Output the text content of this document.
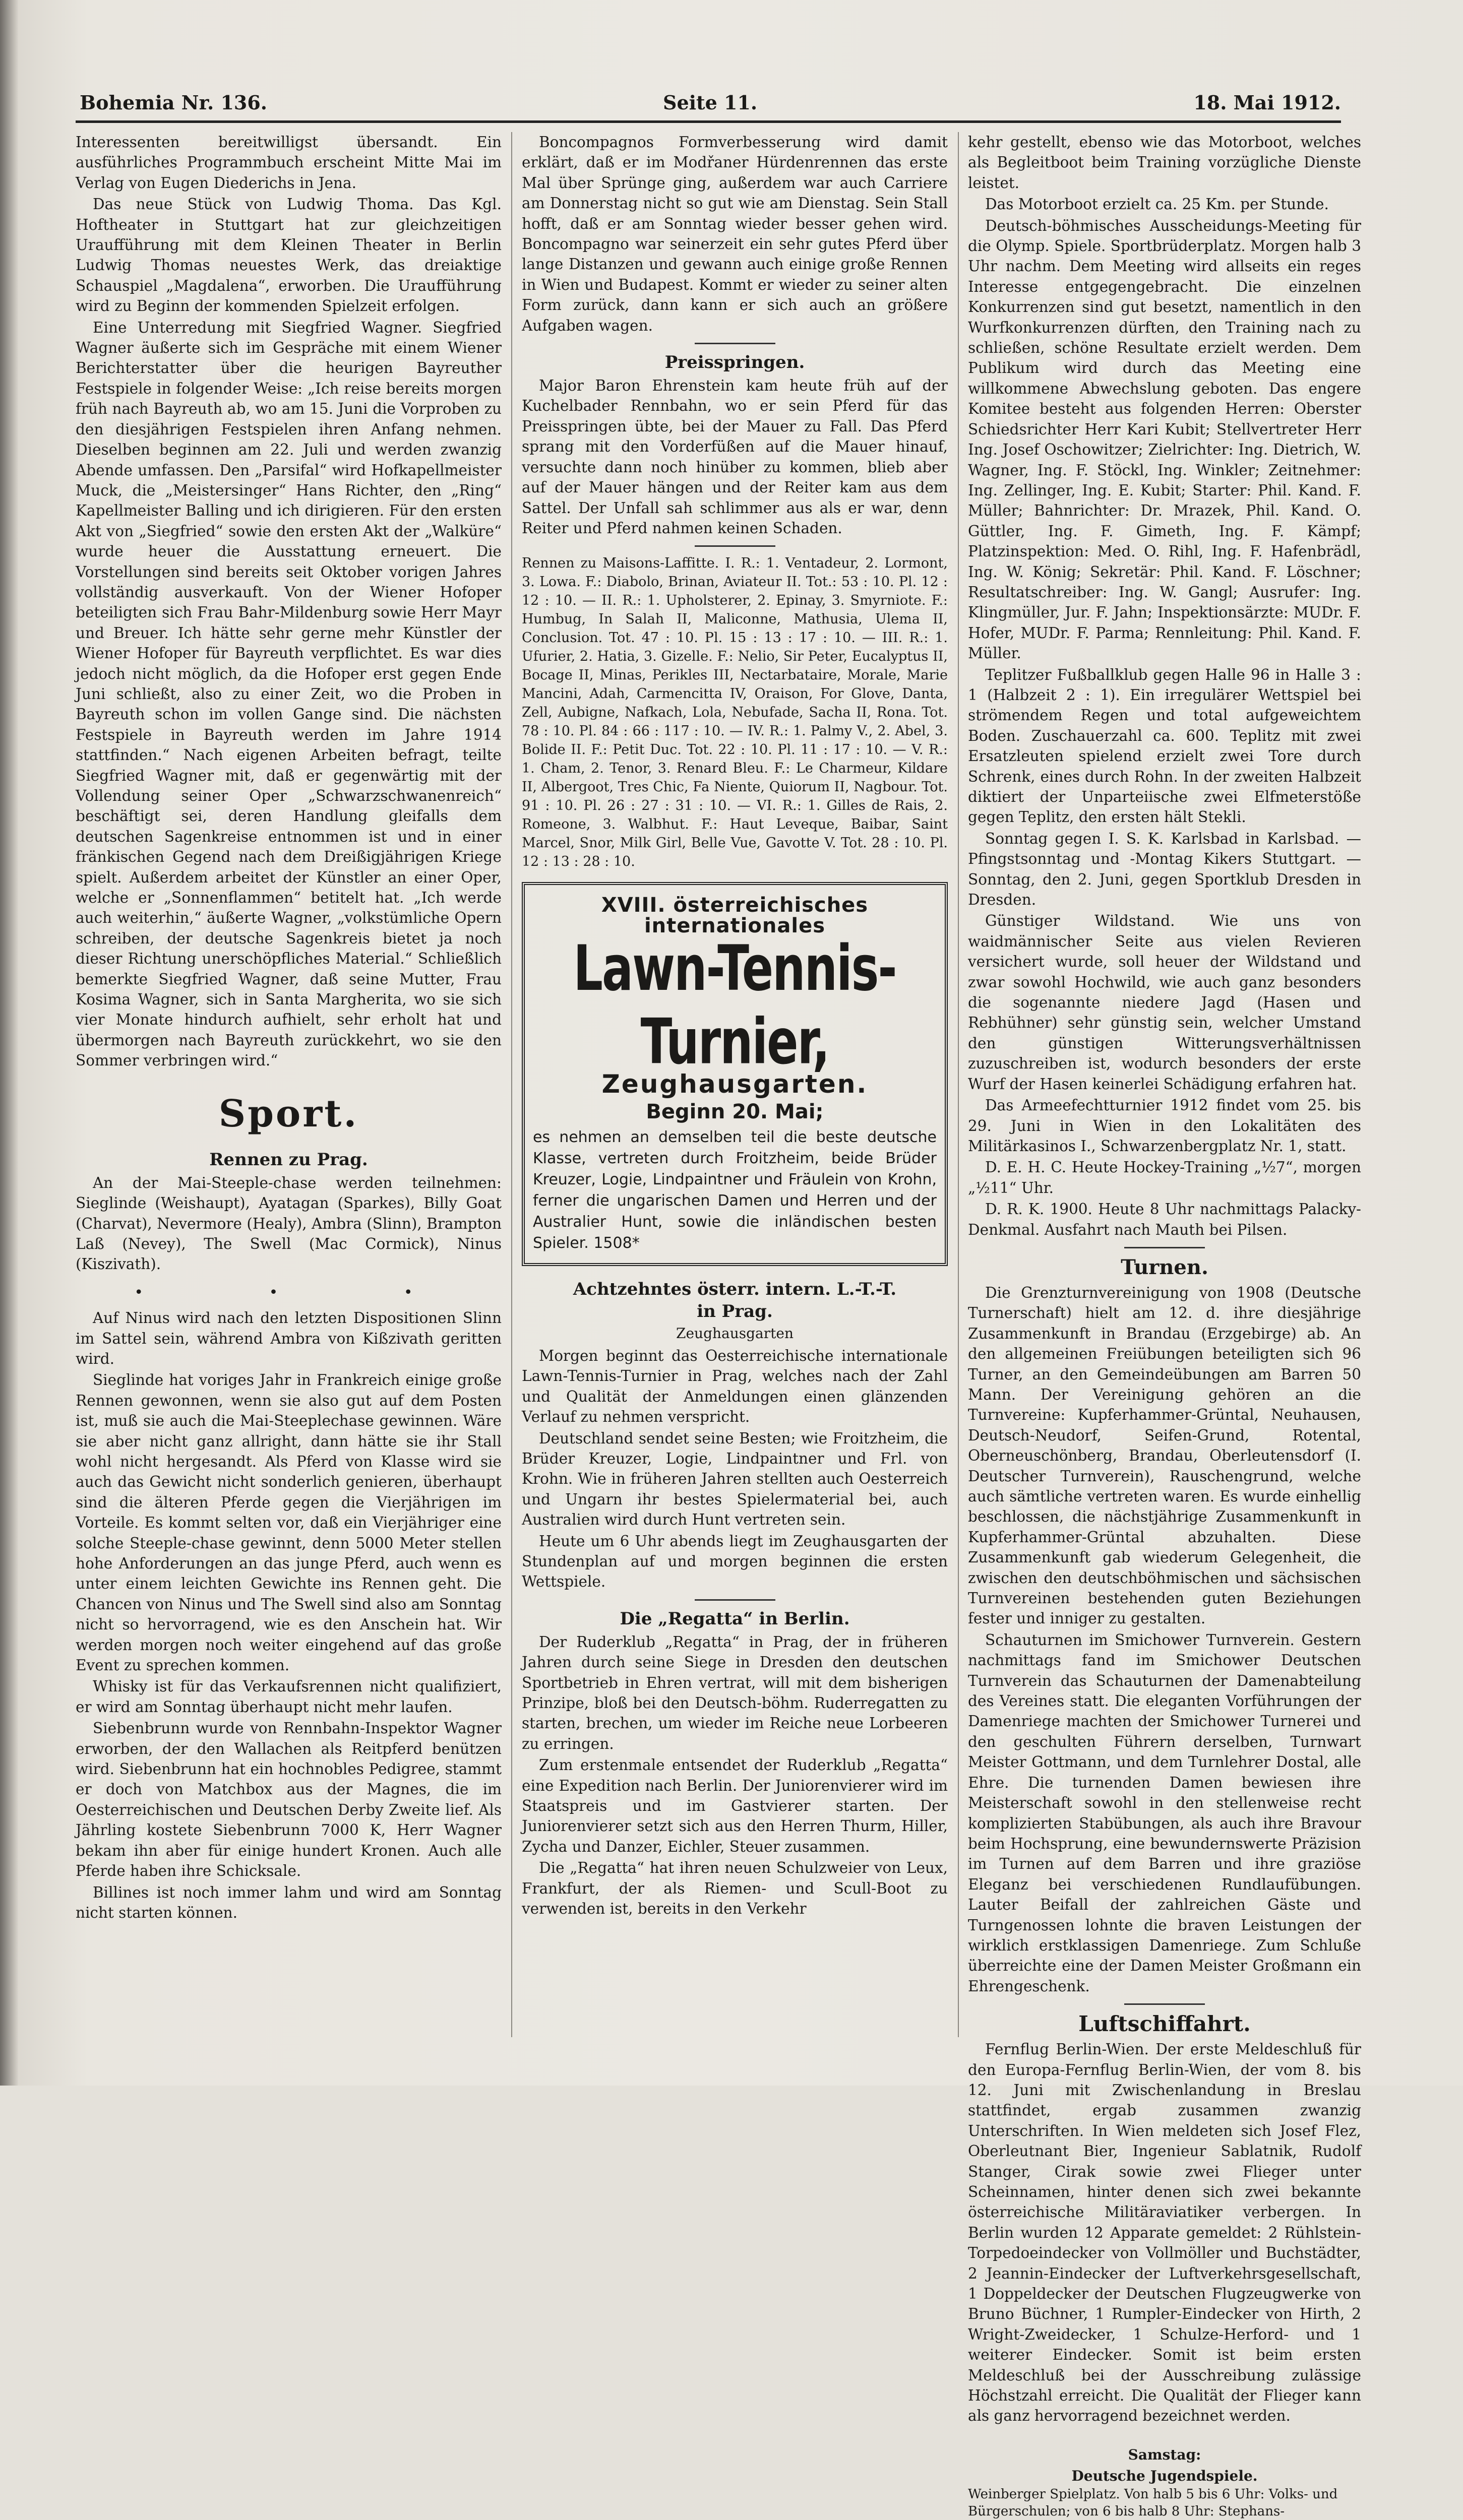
Bohemia Nr. 136.	Seite 11.	18. Mai 1912.

Interessenten bereitwilligst übersandt. Ein ausführliches Programmbuch erscheint Mitte Mai im Verlag von Eugen Diederichs in Jena.

Das neue Stück von Ludwig Thoma. Das Kgl. Hoftheater in Stuttgart hat zur gleichzeitigen Uraufführung mit dem Kleinen Theater in Berlin Ludwig Thomas neuestes Werk, das dreiaktige Schauspiel „Magdalena“, erworben. Die Uraufführung wird zu Beginn der kommenden Spielzeit erfolgen.

Eine Unterredung mit Siegfried Wagner. Siegfried Wagner äußerte sich im Gespräche mit einem Wiener Berichterstatter über die heurigen Bayreuther Festspiele in folgender Weise: „Ich reise bereits morgen früh nach Bayreuth ab, wo am 15. Juni die Vorproben zu den diesjährigen Festspielen ihren Anfang nehmen. Dieselben beginnen am 22. Juli und werden zwanzig Abende umfassen. Den „Parsifal“ wird Hofkapellmeister Muck, die „Meistersinger“ Hans Richter, den „Ring“ Kapellmeister Balling und ich dirigieren. Für den ersten Akt von „Siegfried“ sowie den ersten Akt der „Walküre“ wurde heuer die Ausstattung erneuert. Die Vorstellungen sind bereits seit Oktober vorigen Jahres vollständig ausverkauft. Von der Wiener Hofoper beteiligten sich Frau Bahr-Mildenburg sowie Herr Mayr und Breuer. Ich hätte sehr gerne mehr Künstler der Wiener Hofoper für Bayreuth verpflichtet. Es war dies jedoch nicht möglich, da die Hofoper erst gegen Ende Juni schließt, also zu einer Zeit, wo die Proben in Bayreuth schon im vollen Gange sind. Die nächsten Festspiele in Bayreuth werden im Jahre 1914 stattfinden.“ Nach eigenen Arbeiten befragt, teilte Siegfried Wagner mit, daß er gegenwärtig mit der Vollendung seiner Oper „Schwarzschwanenreich“ beschäftigt sei, deren Handlung gleifalls dem deutschen Sagenkreise entnommen ist und in einer fränkischen Gegend nach dem Dreißigjährigen Kriege spielt. Außerdem arbeitet der Künstler an einer Oper, welche er „Sonnenflammen“ betitelt hat. „Ich werde auch weiterhin,“ äußerte Wagner, „volkstümliche Opern schreiben, der deutsche Sagenkreis bietet ja noch dieser Richtung unerschöpfliches Material.“ Schließlich bemerkte Siegfried Wagner, daß seine Mutter, Frau Kosima Wagner, sich in Santa Margherita, wo sie sich vier Monate hindurch aufhielt, sehr erholt hat und übermorgen nach Bayreuth zurückkehrt, wo sie den Sommer verbringen wird.“

Sport.
Rennen zu Prag.

An der Mai-Steeple-chase werden teilnehmen: Sieglinde (Weishaupt), Ayatagan (Sparkes), Billy Goat (Charvat), Nevermore (Healy), Ambra (Slinn), Brampton Laß (Nevey), The Swell (Mac Cormick), Ninus (Kiszivath).

• • •

Auf Ninus wird nach den letzten Dispositionen Slinn im Sattel sein, während Ambra von Kißzivath geritten wird.

Sieglinde hat voriges Jahr in Frankreich einige große Rennen gewonnen, wenn sie also gut auf dem Posten ist, muß sie auch die Mai-Steeplechase gewinnen. Wäre sie aber nicht ganz allright, dann hätte sie ihr Stall wohl nicht hergesandt. Als Pferd von Klasse wird sie auch das Gewicht nicht sonderlich genieren, überhaupt sind die älteren Pferde gegen die Vierjährigen im Vorteile. Es kommt selten vor, daß ein Vierjähriger eine solche Steeple-chase gewinnt, denn 5000 Meter stellen hohe Anforderungen an das junge Pferd, auch wenn es unter einem leichten Gewichte ins Rennen geht. Die Chancen von Ninus und The Swell sind also am Sonntag nicht so hervorragend, wie es den Anschein hat. Wir werden morgen noch weiter eingehend auf das große Event zu sprechen kommen.

Whisky ist für das Verkaufsrennen nicht qualifiziert, er wird am Sonntag überhaupt nicht mehr laufen.

Siebenbrunn wurde von Rennbahn-Inspektor Wagner erworben, der den Wallachen als Reitpferd benützen wird. Siebenbrunn hat ein hochnobles Pedigree, stammt er doch von Matchbox aus der Magnes, die im Oesterreichischen und Deutschen Derby Zweite lief. Als Jährling kostete Siebenbrunn 7000 K, Herr Wagner bekam ihn aber für einige hundert Kronen. Auch alle Pferde haben ihre Schicksale.

Billines ist noch immer lahm und wird am Sonntag nicht starten können.

Boncompagnos Formverbesserung wird damit erklärt, daß er im Modřaner Hürdenrennen das erste Mal über Sprünge ging, außerdem war auch Carriere am Donnerstag nicht so gut wie am Dienstag. Sein Stall hofft, daß er am Sonntag wieder besser gehen wird. Boncompagno war seinerzeit ein sehr gutes Pferd über lange Distanzen und gewann auch einige große Rennen in Wien und Budapest. Kommt er wieder zu seiner alten Form zurück, dann kann er sich auch an größere Aufgaben wagen.

Preisspringen.

Major Baron Ehrenstein kam heute früh auf der Kuchelbader Rennbahn, wo er sein Pferd für das Preisspringen übte, bei der Mauer zu Fall. Das Pferd sprang mit den Vorderfüßen auf die Mauer hinauf, versuchte dann noch hinüber zu kommen, blieb aber auf der Mauer hängen und der Reiter kam aus dem Sattel. Der Unfall sah schlimmer aus als er war, denn Reiter und Pferd nahmen keinen Schaden.

Rennen zu Maisons-Laffitte. I. R.: 1. Ventadeur, 2. Lormont, 3. Lowa. F.: Diabolo, Brinan, Aviateur II. Tot.: 53 : 10. Pl. 12 : 12 : 10. — II. R.: 1. Upholsterer, 2. Epinay, 3. Smyrniote. F.: Humbug, In Salah II, Maliconne, Mathusia, Ulema II, Conclusion. Tot. 47 : 10. Pl. 15 : 13 : 17 : 10. — III. R.: 1. Ufurier, 2. Hatia, 3. Gizelle. F.: Nelio, Sir Peter, Eucalyptus II, Bocage II, Minas, Perikles III, Nectarbataire, Morale, Marie Mancini, Adah, Carmencitta IV, Oraison, For Glove, Danta, Zell, Aubigne, Nafkach, Lola, Nebufade, Sacha II, Rona. Tot. 78 : 10. Pl. 84 : 66 : 117 : 10. — IV. R.: 1. Palmy V., 2. Abel, 3. Bolide II. F.: Petit Duc. Tot. 22 : 10. Pl. 11 : 17 : 10. — V. R.: 1. Cham, 2. Tenor, 3. Renard Bleu. F.: Le Charmeur, Kildare II, Albergoot, Tres Chic, Fa Niente, Quiorum II, Nagbour. Tot. 91 : 10. Pl. 26 : 27 : 31 : 10. — VI. R.: 1. Gilles de Rais, 2. Romeone, 3. Walbhut. F.: Haut Leveque, Baibar, Saint Marcel, Snor, Milk Girl, Belle Vue, Gavotte V. Tot. 28 : 10. Pl. 12 : 13 : 28 : 10.

XVIII. österreichisches internationales
Lawn-Tennis-Turnier,
Zeughausgarten.
Beginn 20. Mai;
es nehmen an demselben teil die beste deutsche Klasse, vertreten durch Froitzheim, beide Brüder Kreuzer, Logie, Lindpaintner und Fräulein von Krohn, ferner die ungarischen Damen und Herren und der Australier Hunt, sowie die inländischen besten Spieler. 1508*
Achtzehntes österr. intern. L.-T.-T.
in Prag.
Zeughausgarten

Morgen beginnt das Oesterreichische internationale Lawn-Tennis-Turnier in Prag, welches nach der Zahl und Qualität der Anmeldungen einen glänzenden Verlauf zu nehmen verspricht.

Deutschland sendet seine Besten; wie Froitzheim, die Brüder Kreuzer, Logie, Lindpaintner und Frl. von Krohn. Wie in früheren Jahren stellten auch Oesterreich und Ungarn ihr bestes Spielermaterial bei, auch Australien wird durch Hunt vertreten sein.

Heute um 6 Uhr abends liegt im Zeughausgarten der Stundenplan auf und morgen beginnen die ersten Wettspiele.

Die „Regatta“ in Berlin.

Der Ruderklub „Regatta“ in Prag, der in früheren Jahren durch seine Siege in Dresden den deutschen Sportbetrieb in Ehren vertrat, will mit dem bisherigen Prinzipe, bloß bei den Deutsch-böhm. Ruderregatten zu starten, brechen, um wieder im Reiche neue Lorbeeren zu erringen.

Zum erstenmale entsendet der Ruderklub „Regatta“ eine Expedition nach Berlin. Der Juniorenvierer wird im Staatspreis und im Gastvierer starten. Der Juniorenvierer setzt sich aus den Herren Thurm, Hiller, Zycha und Danzer, Eichler, Steuer zusammen.

Die „Regatta“ hat ihren neuen Schulzweier von Leux, Frankfurt, der als Riemen- und Scull-Boot zu verwenden ist, bereits in den Verkehr

kehr gestellt, ebenso wie das Motorboot, welches als Begleitboot beim Training vorzügliche Dienste leistet.

Das Motorboot erzielt ca. 25 Km. per Stunde.

Deutsch-böhmisches Ausscheidungs-Meeting für die Olymp. Spiele. Sportbrüderplatz. Morgen halb 3 Uhr nachm. Dem Meeting wird allseits ein reges Interesse entgegengebracht. Die einzelnen Konkurrenzen sind gut besetzt, namentlich in den Wurfkonkurrenzen dürften, den Training nach zu schließen, schöne Resultate erzielt werden. Dem Publikum wird durch das Meeting eine willkommene Abwechslung geboten. Das engere Komitee besteht aus folgenden Herren: Oberster Schiedsrichter Herr Kari Kubit; Stellvertreter Herr Ing. Josef Oschowitzer; Zielrichter: Ing. Dietrich, W. Wagner, Ing. F. Stöckl, Ing. Winkler; Zeitnehmer: Ing. Zellinger, Ing. E. Kubit; Starter: Phil. Kand. F. Müller; Bahnrichter: Dr. Mrazek, Phil. Kand. O. Güttler, Ing. F. Gimeth, Ing. F. Kämpf; Platzinspektion: Med. O. Rihl, Ing. F. Hafenbrädl, Ing. W. König; Sekretär: Phil. Kand. F. Löschner; Resultatschreiber: Ing. W. Gangl; Ausrufer: Ing. Klingmüller, Jur. F. Jahn; Inspektionsärzte: MUDr. F. Hofer, MUDr. F. Parma; Rennleitung: Phil. Kand. F. Müller.

Teplitzer Fußballklub gegen Halle 96 in Halle 3 : 1 (Halbzeit 2 : 1). Ein irregulärer Wettspiel bei strömendem Regen und total aufgeweichtem Boden. Zuschauerzahl ca. 600. Teplitz mit zwei Ersatzleuten spielend erzielt zwei Tore durch Schrenk, eines durch Rohn. In der zweiten Halbzeit diktiert der Unparteiische zwei Elfmeterstöße gegen Teplitz, den ersten hält Stekli.

Sonntag gegen I. S. K. Karlsbad in Karlsbad. — Pfingstsonntag und -Montag Kikers Stuttgart. — Sonntag, den 2. Juni, gegen Sportklub Dresden in Dresden.

Günstiger Wildstand. Wie uns von waidmännischer Seite aus vielen Revieren versichert wurde, soll heuer der Wildstand und zwar sowohl Hochwild, wie auch ganz besonders die sogenannte niedere Jagd (Hasen und Rebhühner) sehr günstig sein, welcher Umstand den günstigen Witterungsverhältnissen zuzuschreiben ist, wodurch besonders der erste Wurf der Hasen keinerlei Schädigung erfahren hat.

Das Armeefechtturnier 1912 findet vom 25. bis 29. Juni in Wien in den Lokalitäten des Militärkasinos I., Schwarzenbergplatz Nr. 1, statt.

D. E. H. C. Heute Hockey-Training „½7“, morgen „½11“ Uhr.

D. R. K. 1900. Heute 8 Uhr nachmittags Palacky-Denkmal. Ausfahrt nach Mauth bei Pilsen.

Turnen.

Die Grenzturnvereinigung von 1908 (Deutsche Turnerschaft) hielt am 12. d. ihre diesjährige Zusammenkunft in Brandau (Erzgebirge) ab. An den allgemeinen Freiübungen beteiligten sich 96 Turner, an den Gemeindeübungen am Barren 50 Mann. Der Vereinigung gehören an die Turnvereine: Kupferhammer-Grüntal, Neuhausen, Deutsch-Neudorf, Seifen-Grund, Rotental, Oberneuschönberg, Brandau, Oberleutensdorf (I. Deutscher Turnverein), Rauschengrund, welche auch sämtliche vertreten waren. Es wurde einhellig beschlossen, die nächstjährige Zusammenkunft in Kupferhammer-Grüntal abzuhalten. Diese Zusammenkunft gab wiederum Gelegenheit, die zwischen den deutschböhmischen und sächsischen Turnvereinen bestehenden guten Beziehungen fester und inniger zu gestalten.

Schauturnen im Smichower Turnverein. Gestern nachmittags fand im Smichower Deutschen Turnverein das Schauturnen der Damenabteilung des Vereines statt. Die eleganten Vorführungen der Damenriege machten der Smichower Turnerei und den geschulten Führern derselben, Turnwart Meister Gottmann, und dem Turnlehrer Dostal, alle Ehre. Die turnenden Damen bewiesen ihre Meisterschaft sowohl in den stellenweise recht komplizierten Stabübungen, als auch ihre Bravour beim Hochsprung, eine bewundernswerte Präzision im Turnen auf dem Barren und ihre graziöse Eleganz bei verschiedenen Rundlaufübungen. Lauter Beifall der zahlreichen Gäste und Turngenossen lohnte die braven Leistungen der wirklich erstklassigen Damenriege. Zum Schluße überreichte eine der Damen Meister Großmann ein Ehrengeschenk.

Luftschiffahrt.

Fernflug Berlin-Wien. Der erste Meldeschluß für den Europa-Fernflug Berlin-Wien, der vom 8. bis 12. Juni mit Zwischenlandung in Breslau stattfindet, ergab zusammen zwanzig Unterschriften. In Wien meldeten sich Josef Flez, Oberleutnant Bier, Ingenieur Sablatnik, Rudolf Stanger, Cirak sowie zwei Flieger unter Scheinnamen, hinter denen sich zwei bekannte österreichische Militäraviatiker verbergen. In Berlin wurden 12 Apparate gemeldet: 2 Rühlstein-Torpedoeindecker von Vollmöller und Buchstädter, 2 Jeannin-Eindecker der Luftverkehrsgesellschaft, 1 Doppeldecker der Deutschen Flugzeugwerke von Bruno Büchner, 1 Rumpler-Eindecker von Hirth, 2 Wright-Zweidecker, 1 Schulze-Herford- und 1 weiterer Eindecker. Somit ist beim ersten Meldeschluß bei der Ausschreibung zulässige Höchstzahl erreicht. Die Qualität der Flieger kann als ganz hervorragend bezeichnet werden.

Samstag:
Deutsche Jugendspiele.

Weinberger Spielplatz. Von halb 5 bis 6 Uhr: Volks- und Bürgerschulen; von 6 bis halb 8 Uhr: Stephans-
